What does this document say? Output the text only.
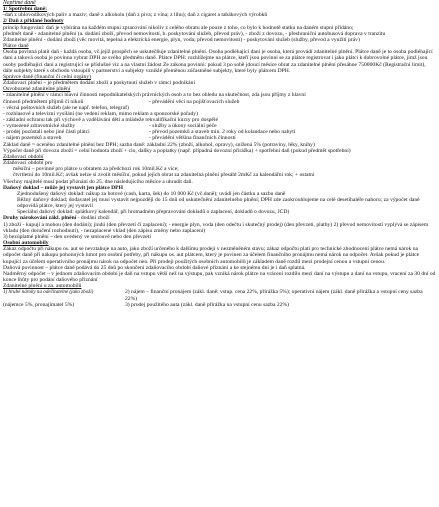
Nepřímé daně
1/ Spotřební daně:
-daň z uhlovodíkových paliv a maziv; daně z alkoholu (daň z piva; z vína; z lihu); daň z cigaret a tabákových výrobků
2/ Daň z přidané hodnoty
princip fungování: daň je vybírána na každém stupni zpracování nikoliv z celého obratu ale pouze z toho, co bylo k hodnotě statku na daném stupni přidáno;
předmět daně - zdanitelné plnění (a. dodání zboží, převod nemovitostí, b. poskytování služeb, převod práv), - zboží z dovozu, - přeshraniční autobusová doprava v tranzitu
Zdanitelné plnění - dodání zboží (věc movitá, tepelná a elektrická energie, plyn, voda; převod nemovitostí) - poskytování služeb (služby, převod a využití práv)
Plátce daně
Osoba povinná platit daň - každá osoba, vč.jejíž prospěch se uskutečňuje zdanitelné plnění. Osoba podléhající dani je osoba, která provádí zdanitelné plnění. Plátce daně je to osoba podléhající dani a taková osoba je povinna vybrat DPH ze svého předmětu daně. Plátce DPH: rozhlížejme na plátce, kteří jsou povinni se za plátce registrovat i jako plátci k dobrovolné plátce, jimž jsou osoby podléhající dani a registrující se příslušné viz a na vlastní žádost Ze zákona povinni: pokud 3 po sobě jdoucí měsíce obrat za zdanitelné plnění přesáhne 750000Kč (Registrační limit), dále subjekty které s obchodu vstoupili v partnerství a subjekty vzniklé přeměnou zúčastněné subjekty, které byly plátcem DPH.
Správce daně (finanční či celní orgány)
Zdaňovací plnění – je předmětem dodání zboží a poskytnutí služeb v rámci podnikání
Osvobozené zdanitelné plnění
- zdanitelné plnění v rámci hlavní činnosti nepodnikatelských právnických osob a to bez ohledu na skutečnost, zda jsou příjmy z hlavní
činnosti předmětem příjmů či nikoli	- převádění věcí na pojišťovacích služeb
- věcná poštovních služeb (ale ne např. telefon, telegraf)
- rozhlasové a televizní vysílání (ne vedení reklam, mimo reklam a sponzorské pořady)
- základní ochranu tak při výchově a vzdělávání dětí a mládeže rekvalifikační kurzy pro dospělé
- vymezené zdravotnické služby	- služby a úkony sociální péče
- prodej pozůstalí nebo jiné části plátci	- převod pozemků a staveb min. 2 roky od kolaudace nebo nabytí
- nájem pozemků a staveb	- převádění většina finančních činností
Základ daně = oceněno zdanitelné plnění bez DPH; sazba daně: základní 22% (zboží, alkohol, opravy), snížená 5% (potraviny, léky, knihy)
Výpočet daně při dovozu zboží = celní hodnota zboží + clo, daňky a poplatky (např. případná dovozní přirážka) + spotřební daň (pokud předmět spotřební)
Zdaňovací období
Zdaňovací období pro
měsíční – povinné pro plátce u obratem za předchozí rok 10mil.Kč a více;
čtvrtletní do 10mil.Kč; avšak nelze si zvolit měsíční, pokud jejich obrat za zdanitelná plnění přesáhl 2mKč za kalendářní rok; + ostatní
Všechny majitelé musí podat přiznání do 25. dne následujícího měsíce a uhradit daň.
Daňový doklad – může jej vystavit jen plátce DPH
Zjednodušený daňový doklad: nákup za hotové (cash, karta, šek) do 10 000 Kč (vč.daně); uvádí jen částku a sazbu daně
Běžný daňový doklad; dodavatel jej musí vystavit nejpozději do 15 dnů od uskutečnění zdanitelného plnění; DPH zde zaokrouhlujeme na celé desetihaléře nahoru; za výpočet daně odpovídá plátce, který jej vystavil
Speciální daňový doklad: splátkový kalendář, při hromadném přepravování dokladů o zaplacení, dokladů o dovozu, JCD)
Druhy nárokování zákl. plnění - dodání zboží
1) zboží - kupují a mohou (den dodání); jindú (den převzetí či zaplacení); - energie plyn, voda (den odečtu i skutečný prodej) (den převzetí, platby) 2) převod nemovitostí vyplývá se zápisem vkladu (den doručení rozhodnutí), - nezaplacené vklad (den zápisu změny nebo zaplacení)
3) bezúplatné plnění – den uvedený ve smlouvě nebo den převzetí
Osobní automobily
Zákaz odpočtu při nákupu os. aut se nevztahuje na auto, jako zboží určeného k dalšímu prodeji v nezměněném stavu; zákaz odpočtu platí pro technické zhodnocení plátce nemá nárok na odpočet daně při nákupu pohonných hmot pro osobní potřeby, při nákupu os. aut plátcem, který je povinen za účelem finančního pronájmu nemá nárok na odpočet. Avšak pokud je plátce kupující za účelem operativního pronájmu nárok na odpočet nen. Při prodeji použitých osobních automobilů je základem daně rozdíl mezi prodejní cenou a vstupní cenou.
Daňová povinnost – plátce daně podává do 25 dnů po skončení zdaňovacího období daňové přiznání a ke stejnému dni je i daň splatná.
Nadměrný odpočet – v jednom zdaňovacím období je daň na vstupu větší než na výstupu, pak vzniká nárok plátce na vrácení rozdílu mezi daní na výstupu a daní na vstupu, vracení za 30 dní od konce lhůty pro podání daňového přiznání
Zdanitelné plnění u zn. automobilů
1) hrubé nároky na odečitatelné (jako zboží)	2) nájem – finanční pronájem (zákl. daně: vstup. cena 22%, přirážka 5%); operativní nájem (zákl. daně přirážka a vstupní ceny sazba 22%)
(nájemce 5%, pronajímatel 5%)	3) prodej použitého auta (zákl. daně přirážka na vstupní cenu sazba 22%)
